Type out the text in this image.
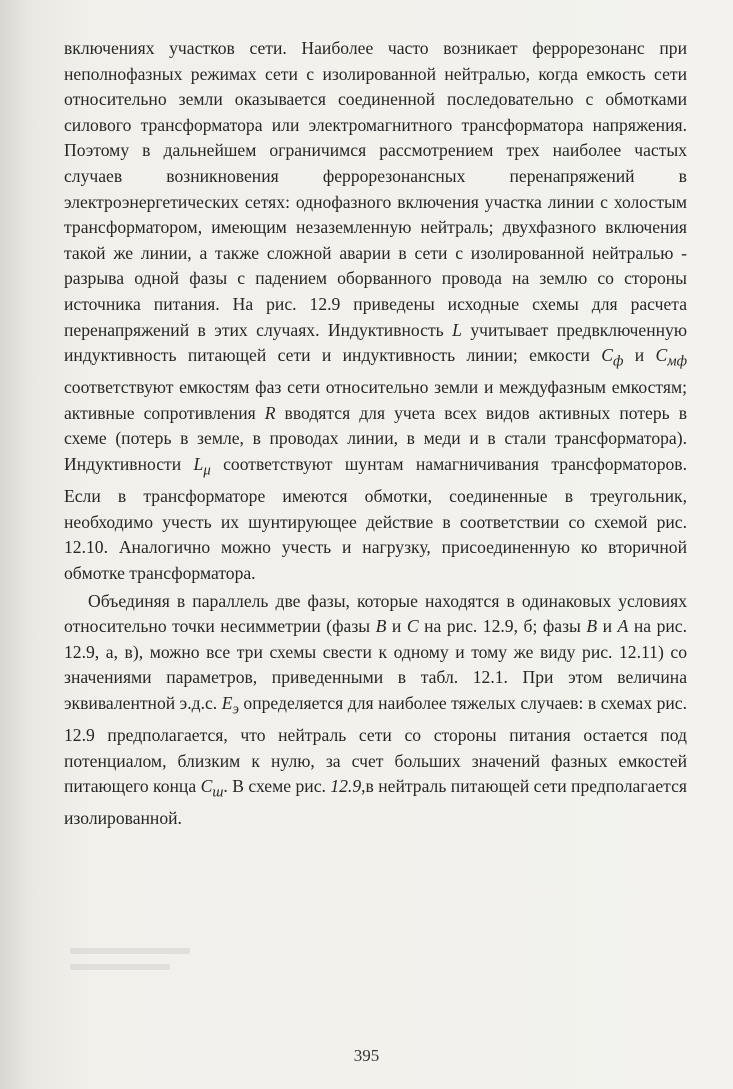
включениях участков сети. Наиболее часто возникает феррорезонанс при неполнофазных режимах сети с изолированной нейтралью, когда емкость сети относительно земли оказывается соединенной последовательно с обмотками силового трансформатора или электромагнитного трансформатора напряжения. Поэтому в дальнейшем ограничимся рассмотрением трех наиболее частых случаев возникновения феррорезонансных перенапряжений в электроэнергетических сетях: однофазного включения участка линии с холостым трансформатором, имеющим незаземленную нейтраль; двухфазного включения такой же линии, а также сложной аварии в сети с изолированной нейтралью - разрыва одной фазы с падением оборванного провода на землю со стороны источника питания. На рис. 12.9 приведены исходные схемы для расчета перенапряжений в этих случаях. Индуктивность L учитывает предвключенную индуктивность питающей сети и индуктивность линии; емкости $C_ф$ и $C_{мф}$ соответствуют емкостям фаз сети относительно земли и междуфазным емкостям; активные сопротивления R вводятся для учета всех видов активных потерь в схеме (потерь в земле, в проводах линии, в меди и в стали трансформатора). Индуктивности $L_\mu$ соответствуют шунтам намагничивания трансформаторов. Если в трансформаторе имеются обмотки, соединенные в треугольник, необходимо учесть их шунтирующее действие в соответствии со схемой рис. 12.10. Аналогично можно учесть и нагрузку, присоединенную ко вторичной обмотке трансформатора.

Объединяя в параллель две фазы, которые находятся в одинаковых условиях относительно точки несимметрии (фазы B и C на рис. 12.9, б; фазы B и A на рис. 12.9, а, в), можно все три схемы свести к одному и тому же виду рис. 12.11) со значениями параметров, приведенными в табл. 12.1. При этом величина эквивалентной э.д.с. $E_э$ определяется для наиболее тяжелых случаев: в схемах рис. 12.9 предполагается, что нейтраль сети со стороны питания остается под потенциалом, близким к нулю, за счет больших значений фазных емкостей питающего конца $C_ш$. В схеме рис. 12.9,в нейтраль питающей сети предполагается изолированной.

395
